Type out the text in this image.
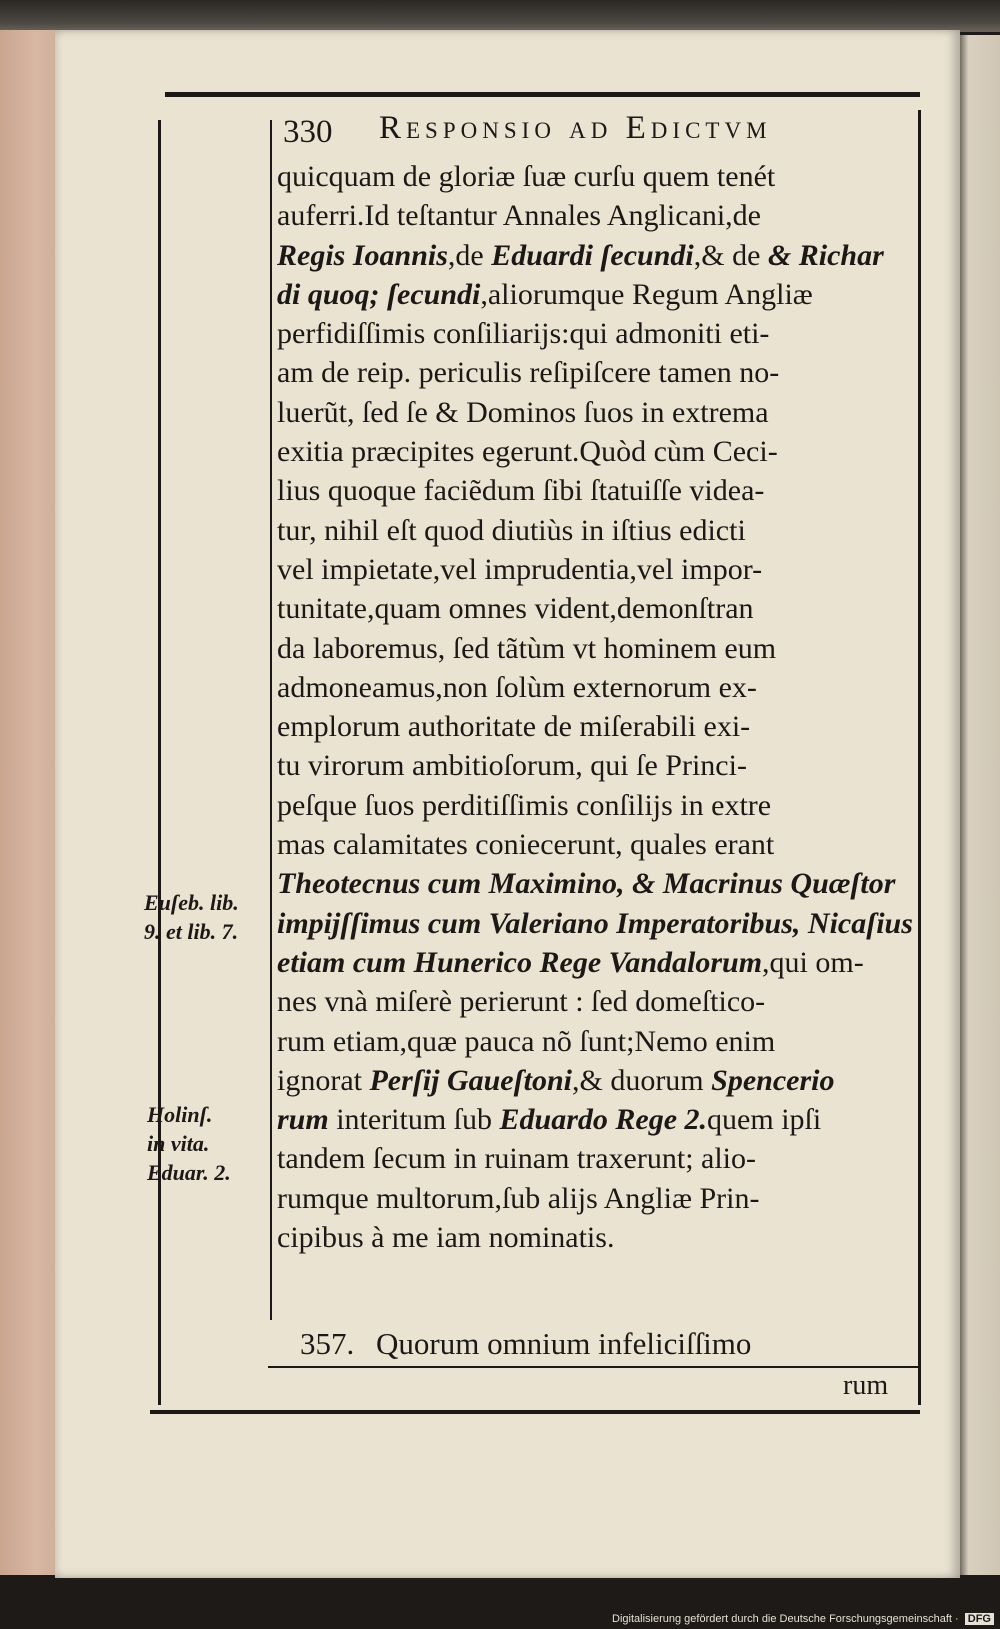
330 Responsio ad Edictvm
quicquam de gloriæ ſuæ curſu quem tenét
auferri.Id teſtantur Annales Anglicani,de
Regis Ioannis,de Eduardi ſecundi,& de & Richar
di quoq; ſecundi,aliorumque Regum Angliæ
perfidiſſimis conſiliarijs:qui admoniti eti-
am de reip. periculis reſipiſcere tamen no-
luerũt, ſed ſe & Dominos ſuos in extrema
exitia præcipites egerunt.Quòd cùm Ceci-
lius quoque faciẽdum ſibi ſtatuiſſe videa-
tur, nihil eſt quod diutiùs in iſtius edicti
vel impietate,vel imprudentia,vel impor-
tunitate,quam omnes vident,demonſtran
da laboremus, ſed tãtùm vt hominem eum
admoneamus,non ſolùm externorum ex-
emplorum authoritate de miſerabili exi-
tu virorum ambitioſorum, qui ſe Princi-
peſque ſuos perditiſſimis conſilijs in extre
mas calamitates coniecerunt, quales erant
Theotecnus cum Maximino, & Macrinus Quæſtor
impijſſimus cum Valeriano Imperatoribus, Nicaſius
etiam cum Hunerico Rege Vandalorum,qui om-
nes vnà miſerè perierunt : ſed domeſtico-
rum etiam,quæ pauca nõ ſunt;Nemo enim
ignorat Perſij Gaueſtoni,& duorum Spencerio
rum interitum ſub Eduardo Rege 2.quem ipſi
tandem ſecum in ruinam traxerunt; alio-
rumque multorum,ſub alijs Angliæ Prin-
cipibus à me iam nominatis.
Euſeb. lib.
9. et lib. 7.
Holinſ.
in vita.
Eduar. 2.
357. Quorum omnium infeliciſſimo
rum
Digitalisierung gefördert durch die Deutsche Forschungsgemeinschaft · DFG
